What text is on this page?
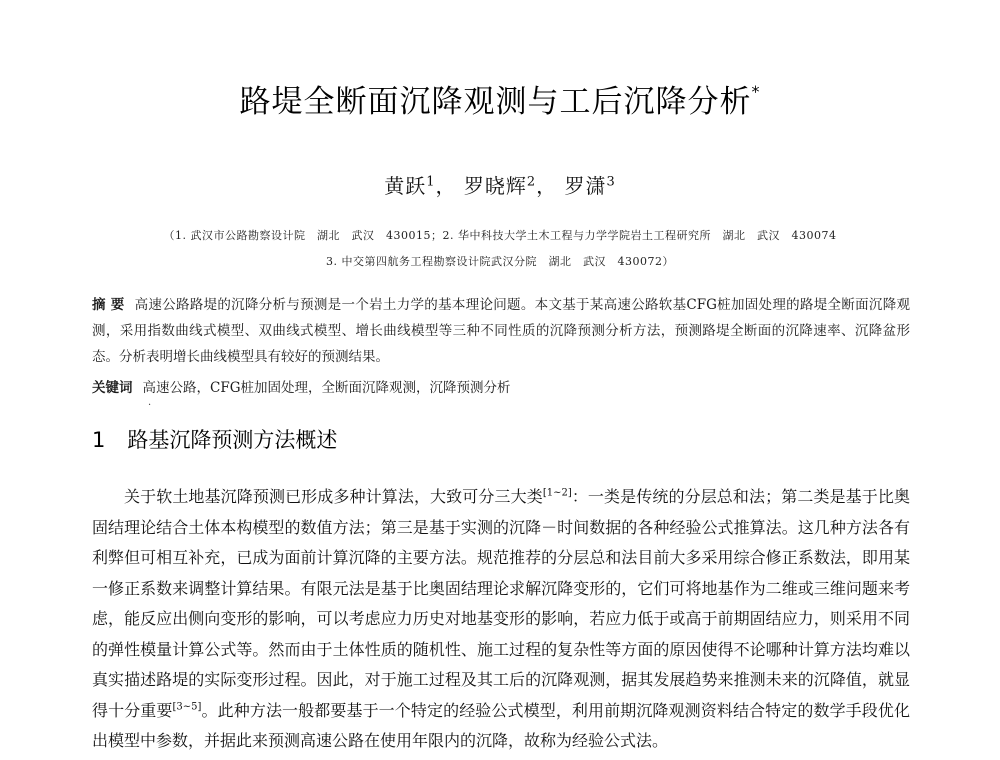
路堤全断面沉降观测与工后沉降分析*
黄跃$^1$， 罗晓辉$^2$， 罗潇$^3$
（1. 武汉市公路勘察设计院　湖北　武汉　430015；2. 华中科技大学土木工程与力学学院岩土工程研究所　湖北　武汉　430074
3. 中交第四航务工程勘察设计院武汉分院　湖北　武汉　430072）
摘 要 高速公路路堤的沉降分析与预测是一个岩土力学的基本理论问题。本文基于某高速公路软基CFG桩加固处理的路堤全断面沉降观测，采用指数曲线式模型、双曲线式模型、增长曲线模型等三种不同性质的沉降预测分析方法，预测路堤全断面的沉降速率、沉降盆形态。分析表明增长曲线模型具有较好的预测结果。
关键词 高速公路，CFG桩加固处理，全断面沉降观测，沉降预测分析
·
1 路基沉降预测方法概述
关于软土地基沉降预测已形成多种计算法，大致可分三大类[1~2]：一类是传统的分层总和法；第二类是基于比奥固结理论结合土体本构模型的数值方法；第三是基于实测的沉降－时间数据的各种经验公式推算法。这几种方法各有利弊但可相互补充，已成为面前计算沉降的主要方法。规范推荐的分层总和法目前大多采用综合修正系数法，即用某一修正系数来调整计算结果。有限元法是基于比奥固结理论求解沉降变形的，它们可将地基作为二维或三维问题来考虑，能反应出侧向变形的影响，可以考虑应力历史对地基变形的影响，若应力低于或高于前期固结应力，则采用不同的弹性模量计算公式等。然而由于土体性质的随机性、施工过程的复杂性等方面的原因使得不论哪种计算方法均难以真实描述路堤的实际变形过程。因此，对于施工过程及其工后的沉降观测，据其发展趋势来推测未来的沉降值，就显得十分重要[3~5]。此种方法一般都要基于一个特定的经验公式模型，利用前期沉降观测资料结合特定的数学手段优化出模型中参数，并据此来预测高速公路在使用年限内的沉降，故称为经验公式法。
